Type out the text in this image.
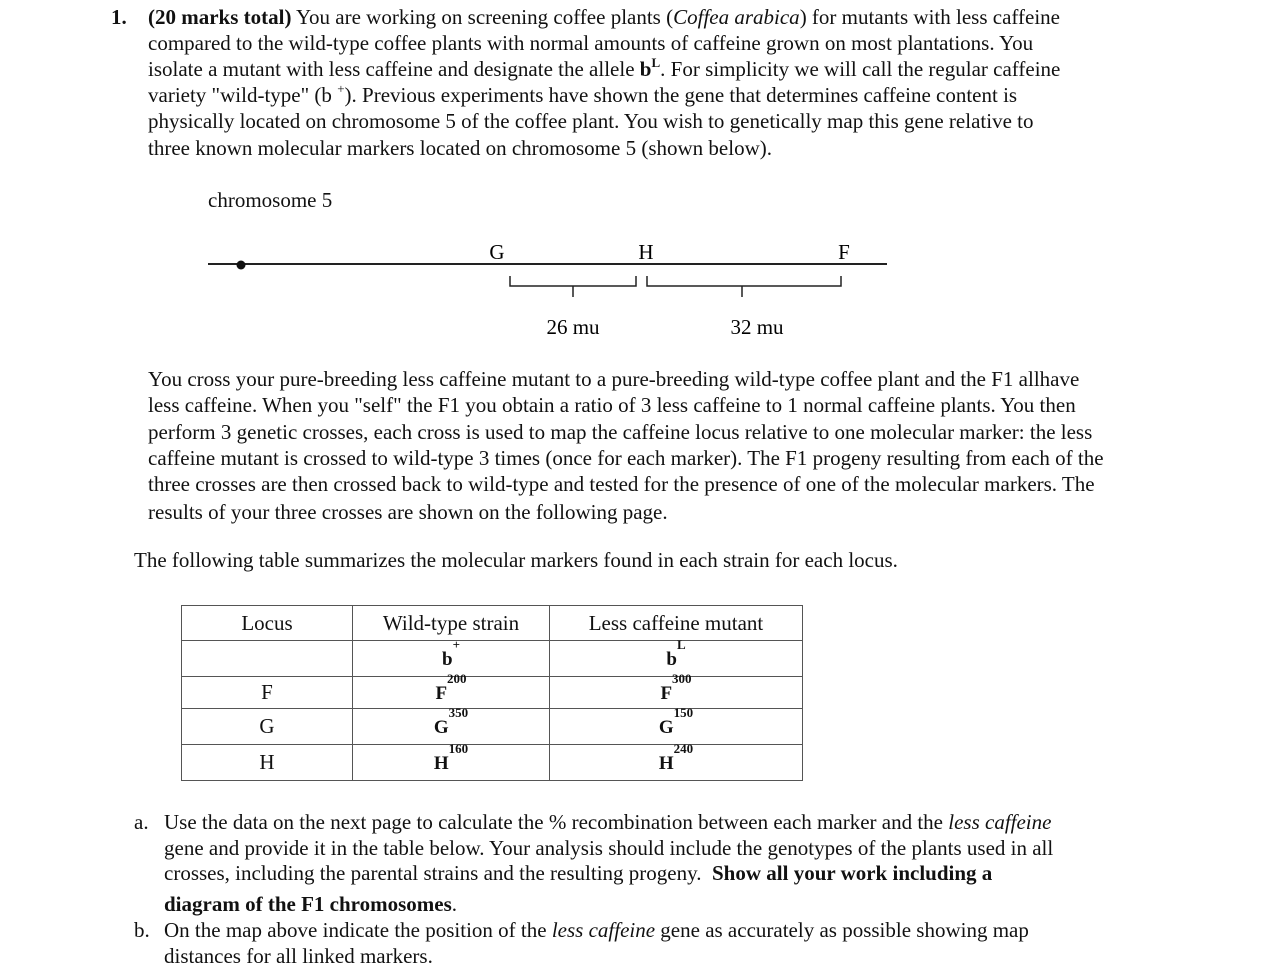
1. (20 marks total) You are working on screening coffee plants (Coffea arabica) for mutants with less caffeine
compared to the wild-type coffee plants with normal amounts of caffeine grown on most plantations. You
isolate a mutant with less caffeine and designate the allele $b^L$. For simplicity we will call the regular caffeine
variety "wild-type" (b +). Previous experiments have shown the gene that determines caffeine content is
physically located on chromosome 5 of the coffee plant. You wish to genetically map this gene relative to
three known molecular markers located on chromosome 5 (shown below).
chromosome 5
G	H	F
26 mu	32 mu
You cross your pure-breeding less caffeine mutant to a pure-breeding wild-type coffee plant and the F1 allhave
less caffeine. When you "self" the F1 you obtain a ratio of 3 less caffeine to 1 normal caffeine plants. You then
perform 3 genetic crosses, each cross is used to map the caffeine locus relative to one molecular marker: the less
caffeine mutant is crossed to wild-type 3 times (once for each marker). The F1 progeny resulting from each of the
three crosses are then crossed back to wild-type and tested for the presence of one of the molecular markers. The
results of your three crosses are shown on the following page.
The following table summarizes the molecular markers found in each strain for each locus.
Locus	Wild-type strain	Less caffeine mutant
	b+	$b^L$
F	$F^{200}$	$F^{300}$
G	$G^{350}$	$G^{150}$
H	$H^{160}$	$H^{240}$
a. Use the data on the next page to calculate the % recombination between each marker and the less caffeine
gene and provide it in the table below. Your analysis should include the genotypes of the plants used in all
crosses, including the parental strains and the resulting progeny. Show all your work including a
diagram of the F1 chromosomes.
b. On the map above indicate the position of the less caffeine gene as accurately as possible showing map
distances for all linked markers.
